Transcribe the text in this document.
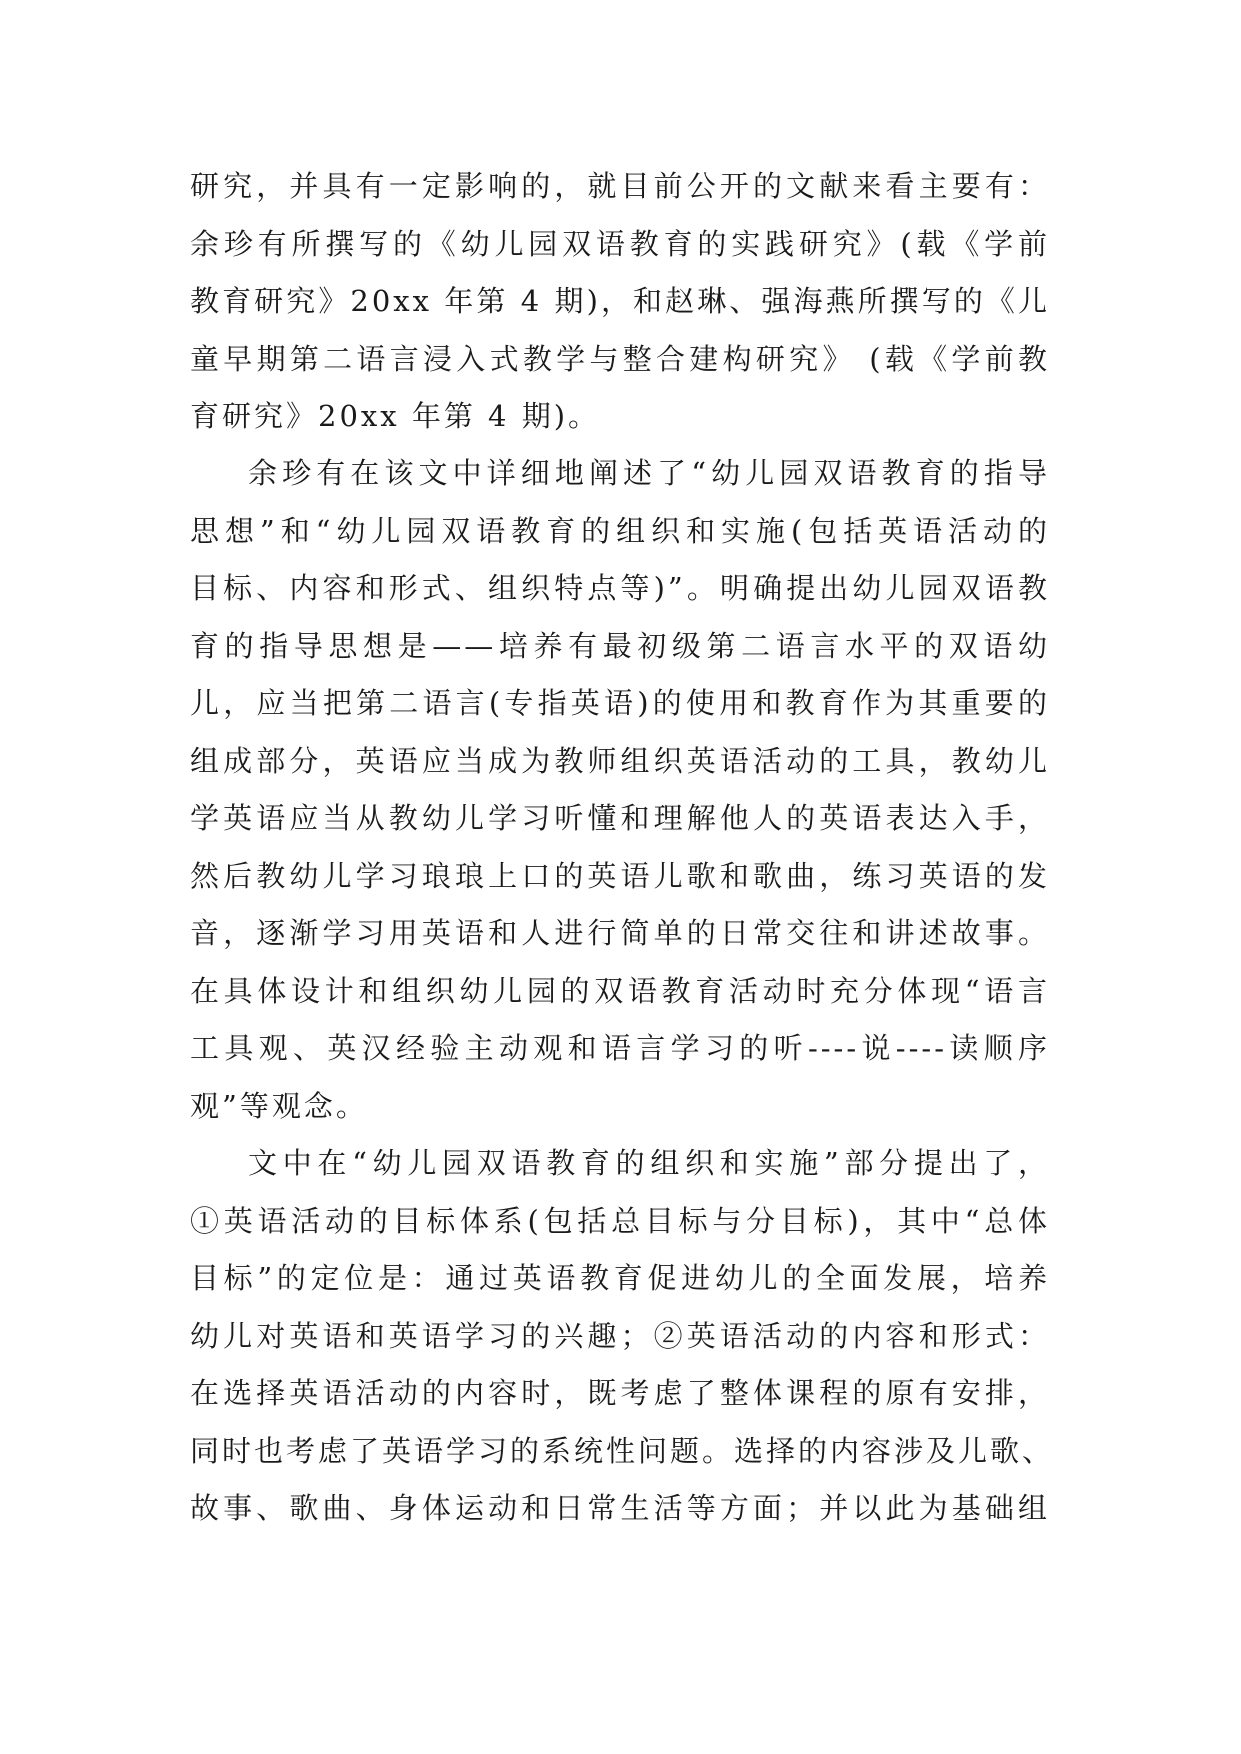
研究，并具有一定影响的，就目前公开的文献来看主要有：
余珍有所撰写的《幼儿园双语教育的实践研究》(载《学前
教育研究》20xx 年第 4 期)，和赵琳、强海燕所撰写的《儿
童早期第二语言浸入式教学与整合建构研究》 (载《学前教
育研究》20xx 年第 4 期)。
余珍有在该文中详细地阐述了“幼儿园双语教育的指导
思想”和“幼儿园双语教育的组织和实施(包括英语活动的
目标、内容和形式、组织特点等)”。明确提出幼儿园双语教
育的指导思想是——培养有最初级第二语言水平的双语幼
儿，应当把第二语言(专指英语)的使用和教育作为其重要的
组成部分，英语应当成为教师组织英语活动的工具，教幼儿
学英语应当从教幼儿学习听懂和理解他人的英语表达入手，
然后教幼儿学习琅琅上口的英语儿歌和歌曲，练习英语的发
音，逐渐学习用英语和人进行简单的日常交往和讲述故事。
在具体设计和组织幼儿园的双语教育活动时充分体现“语言
工具观、英汉经验主动观和语言学习的听----说----读顺序
观”等观念。
文中在“幼儿园双语教育的组织和实施”部分提出了，
①英语活动的目标体系(包括总目标与分目标)，其中“总体
目标”的定位是：通过英语教育促进幼儿的全面发展，培养
幼儿对英语和英语学习的兴趣；②英语活动的内容和形式：
在选择英语活动的内容时，既考虑了整体课程的原有安排，
同时也考虑了英语学习的系统性问题。选择的内容涉及儿歌、
故事、歌曲、身体运动和日常生活等方面；并以此为基础组
